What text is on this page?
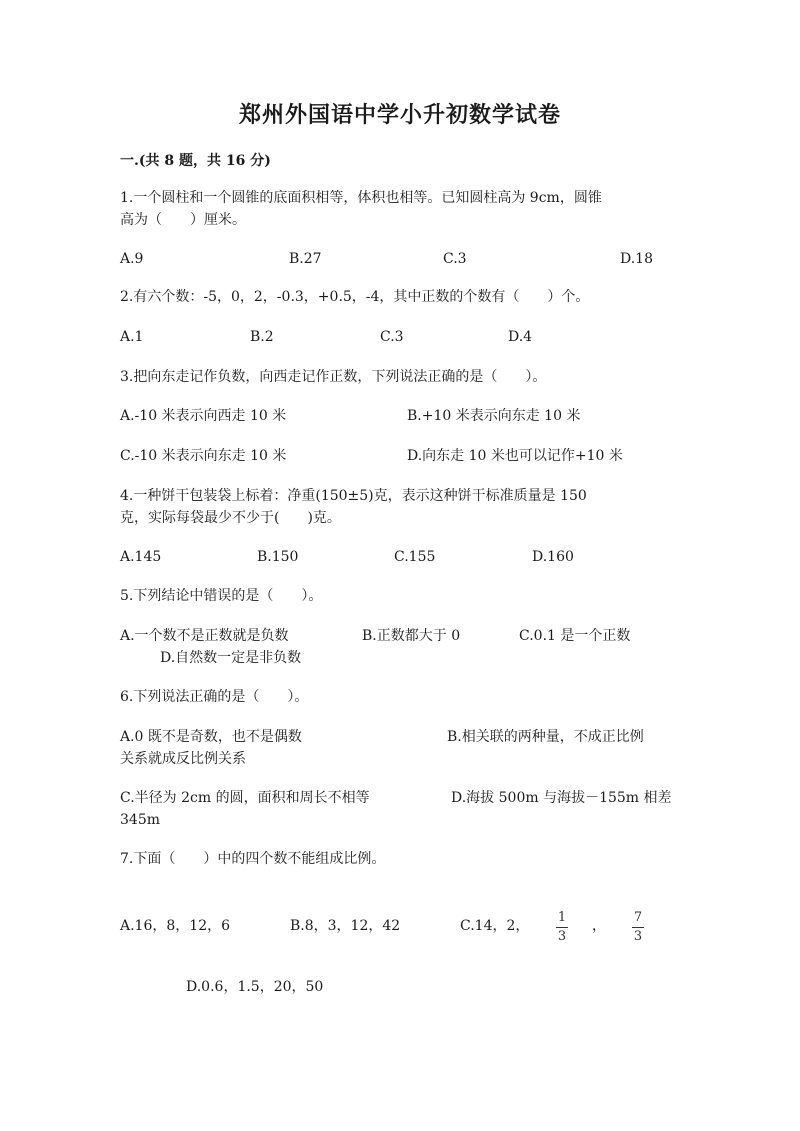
郑州外国语中学小升初数学试卷
一.(共 8 题，共 16 分)
1.一个圆柱和一个圆锥的底面积相等，体积也相等。已知圆柱高为 9cm，圆锥
高为（　　）厘米。
A.9	B.27	C.3	D.18
2.有六个数：-5，0，2，-0.3，+0.5，-4，其中正数的个数有（　　）个。
A.1	B.2	C.3	D.4
3.把向东走记作负数，向西走记作正数，下列说法正确的是（　　）。
A.-10 米表示向西走 10 米	B.+10 米表示向东走 10 米
C.-10 米表示向东走 10 米	D.向东走 10 米也可以记作+10 米
4.一种饼干包装袋上标着：净重(150±5)克，表示这种饼干标准质量是 150
克，实际每袋最少不少于(　　)克。
A.145	B.150	C.155	D.160
5.下列结论中错误的是（　　）。
A.一个数不是正数就是负数	B.正数都大于 0	C.0.1 是一个正数
D.自然数一定是非负数
6.下列说法正确的是（　　）。
A.0 既不是奇数，也不是偶数	B.相关联的两种量，不成正比例
关系就成反比例关系
C.半径为 2cm 的圆，面积和周长不相等	D.海拔 500m 与海拔－155m 相差
345m
7.下面（　　）中的四个数不能组成比例。
A.16，8，12，6	B.8，3，12，42	C.14，2，
1
3
，
7
3
D.0.6，1.5，20，50
